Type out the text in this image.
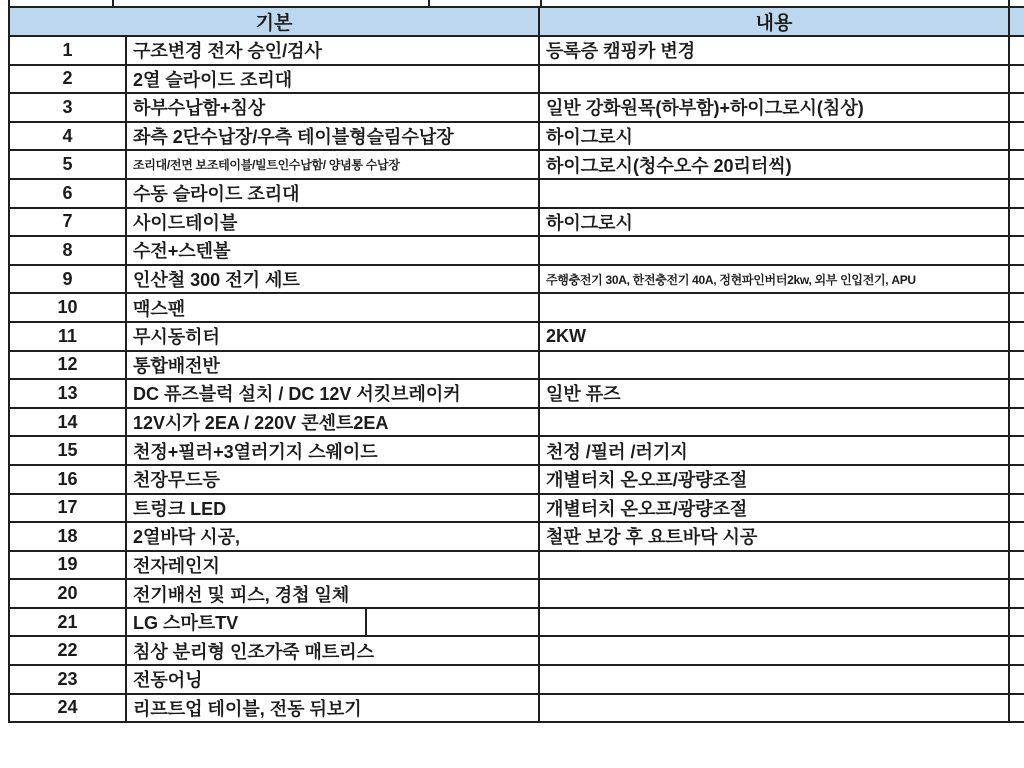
기본		내용	
1	구조변경 전자 승인/검사	등록증 캠핑카 변경	
2	2열 슬라이드 조리대		
3	하부수납함+침상	일반 강화원목(하부함)+하이그로시(침상)	
4	좌측 2단수납장/우측 테이블형슬림수납장	하이그로시	
5	조리대/전면 보조테이블/빌트인수납함/ 양념통 수납장	하이그로시(청수오수 20리터씩)	
6	수동 슬라이드 조리대		
7	사이드테이블	하이그로시	
8	수전+스텐볼		
9	인산철 300 전기 세트	주행충전기 30A, 한전충전기 40A, 정현파인버터2kw, 외부 인입전기, APU	
10	맥스팬		
11	무시동히터	2KW	
12	통합배전반		
13	DC 퓨즈블럭 설치 / DC 12V 서킷브레이커	일반 퓨즈	
14	12V시가 2EA / 220V 콘센트2EA		
15	천정+필러+3열러기지 스웨이드	천정 /필러 /러기지	
16	천장무드등	개별터치 온오프/광량조절	
17	트렁크 LED	개별터치 온오프/광량조절	
18	2열바닥 시공,	철판 보강 후 요트바닥 시공	
19	전자레인지		
20	전기배선 및 피스, 경첩 일체		
21	LG 스마트TV

22	침상 분리형 인조가죽 매트리스		
23	전동어닝		
24	리프트업 테이블, 전동 뒤보기		
